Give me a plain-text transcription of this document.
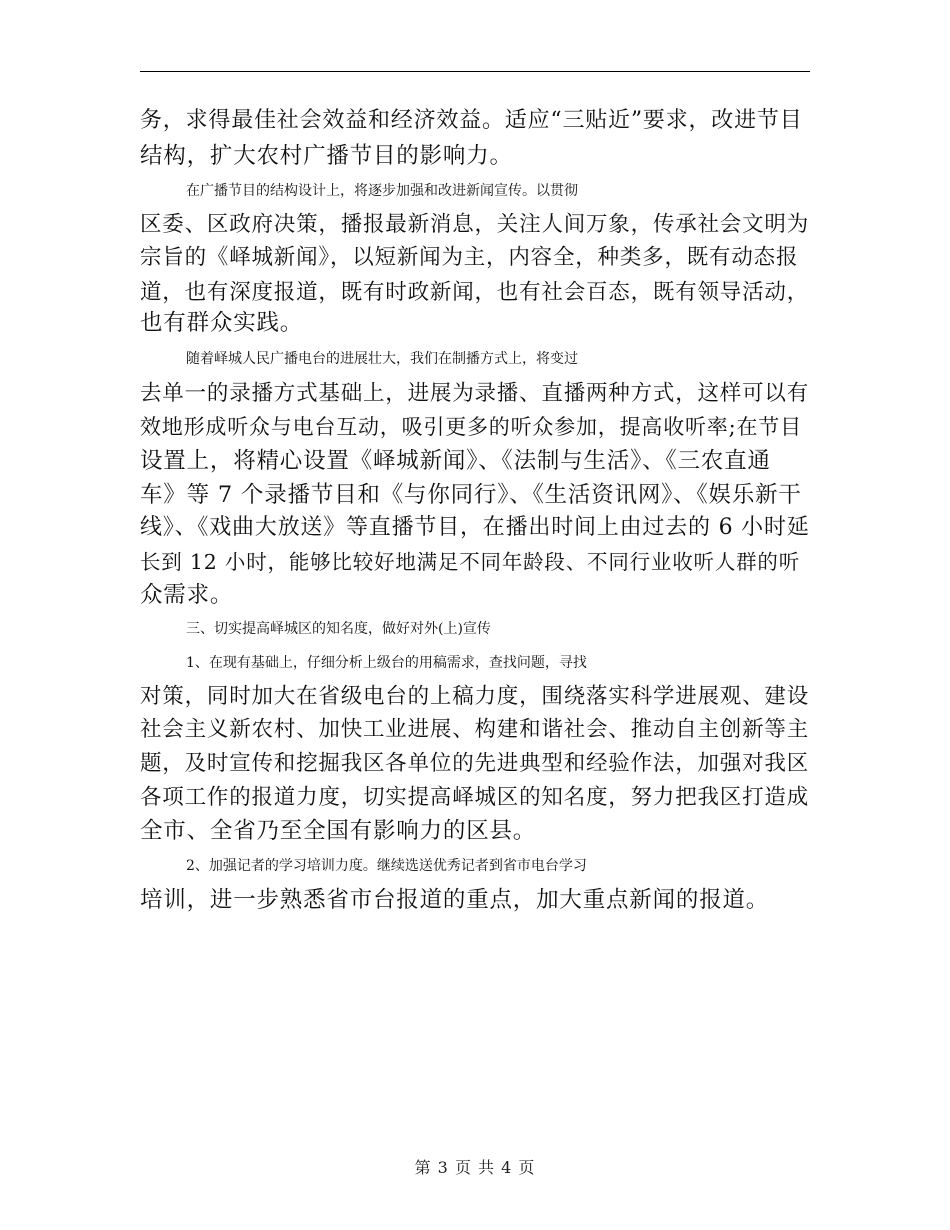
务，求得最佳社会效益和经济效益。适应“三贴近”要求，改进节目
结构，扩大农村广播节目的影响力。
在广播节目的结构设计上，将逐步加强和改进新闻宣传。以贯彻
区委、区政府决策，播报最新消息，关注人间万象，传承社会文明为
宗旨的《峄城新闻》，以短新闻为主，内容全，种类多，既有动态报
道，也有深度报道，既有时政新闻，也有社会百态，既有领导活动，
也有群众实践。
随着峄城人民广播电台的进展壮大，我们在制播方式上，将变过
去单一的录播方式基础上，进展为录播、直播两种方式，这样可以有
效地形成听众与电台互动，吸引更多的听众参加，提高收听率;在节目
设置上，将精心设置《峄城新闻》、《法制与生活》、《三农直通
车》等 7 个录播节目和《与你同行》、《生活资讯网》、《娱乐新干
线》、《戏曲大放送》等直播节目，在播出时间上由过去的 6 小时延
长到 12 小时，能够比较好地满足不同年龄段、不同行业收听人群的听
众需求。
三、切实提高峄城区的知名度，做好对外(上)宣传
1、在现有基础上，仔细分析上级台的用稿需求，查找问题，寻找
对策，同时加大在省级电台的上稿力度，围绕落实科学进展观、建设
社会主义新农村、加快工业进展、构建和谐社会、推动自主创新等主
题，及时宣传和挖掘我区各单位的先进典型和经验作法，加强对我区
各项工作的报道力度，切实提高峄城区的知名度，努力把我区打造成
全市、全省乃至全国有影响力的区县。
2、加强记者的学习培训力度。继续选送优秀记者到省市电台学习
培训，进一步熟悉省市台报道的重点，加大重点新闻的报道。
第 3 页 共 4 页
